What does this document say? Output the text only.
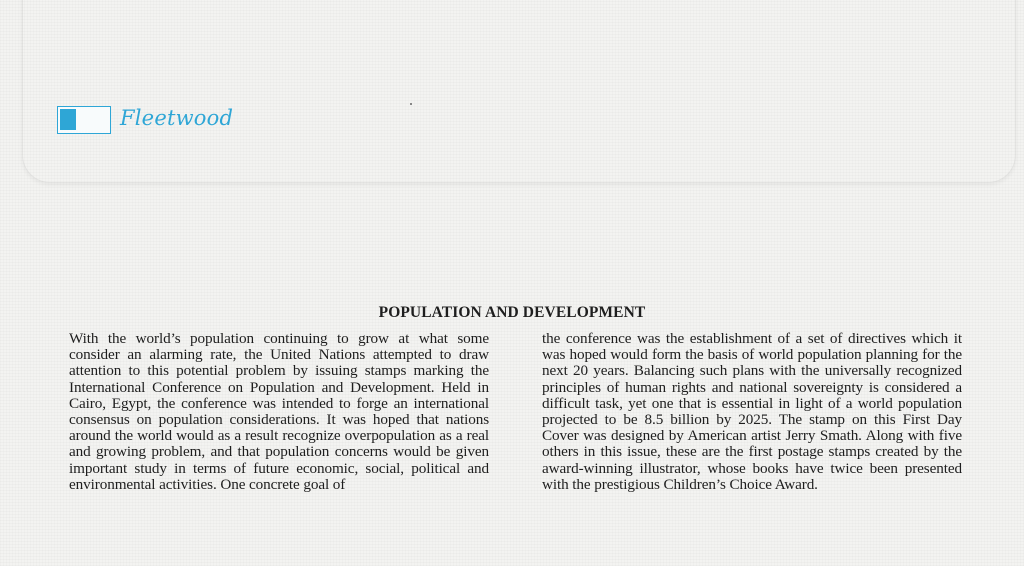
Fleetwood
POPULATION AND DEVELOPMENT
With the world’s population continuing to grow at what some consider an alarming rate, the United Nations attempted to draw attention to this potential problem by issuing stamps marking the International Conference on Population and Development. Held in Cairo, Egypt, the conference was intended to forge an international consensus on population considerations. It was hoped that nations around the world would as a result recognize overpopulation as a real and growing problem, and that population concerns would be given important study in terms of future economic, social, political and environmental activities. One concrete goal of
the conference was the establishment of a set of directives which it was hoped would form the basis of world population planning for the next 20 years. Balancing such plans with the universally recognized principles of human rights and national sovereignty is considered a difficult task, yet one that is essential in light of a world population projected to be 8.5 billion by 2025. The stamp on this First Day Cover was designed by American artist Jerry Smath. Along with five others in this issue, these are the first postage stamps created by the award-winning illustrator, whose books have twice been presented with the prestigious Children’s Choice Award.
